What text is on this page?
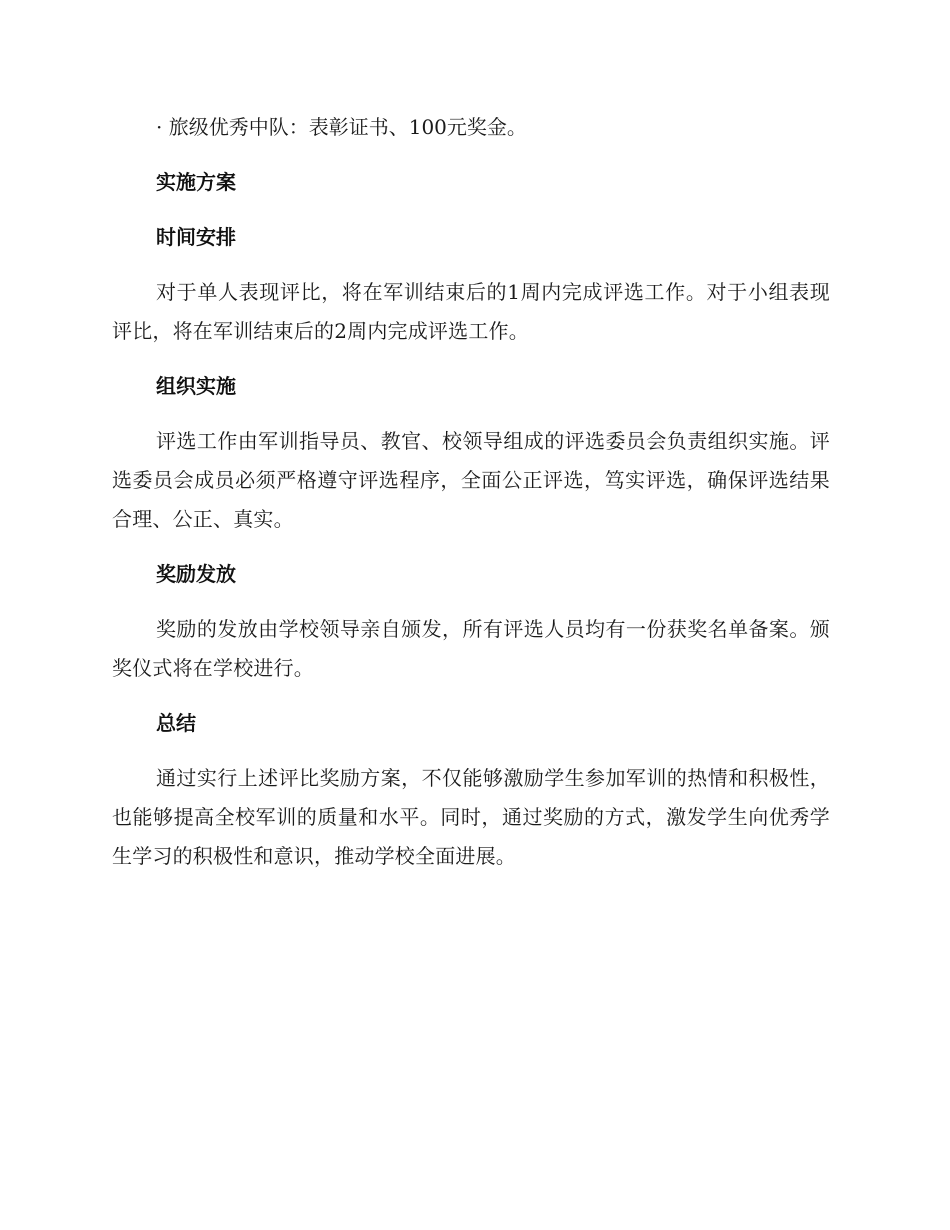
· 旅级优秀中队：表彰证书、100元奖金。

实施方案
时间安排

对于单人表现评比，将在军训结束后的1周内完成评选工作。对于小组表现评比，将在军训结束后的2周内完成评选工作。

组织实施

评选工作由军训指导员、教官、校领导组成的评选委员会负责组织实施。评选委员会成员必须严格遵守评选程序，全面公正评选，笃实评选，确保评选结果合理、公正、真实。

奖励发放

奖励的发放由学校领导亲自颁发，所有评选人员均有一份获奖名单备案。颁奖仪式将在学校进行。

总结

通过实行上述评比奖励方案，不仅能够激励学生参加军训的热情和积极性，也能够提高全校军训的质量和水平。同时，通过奖励的方式，激发学生向优秀学生学习的积极性和意识，推动学校全面进展。
